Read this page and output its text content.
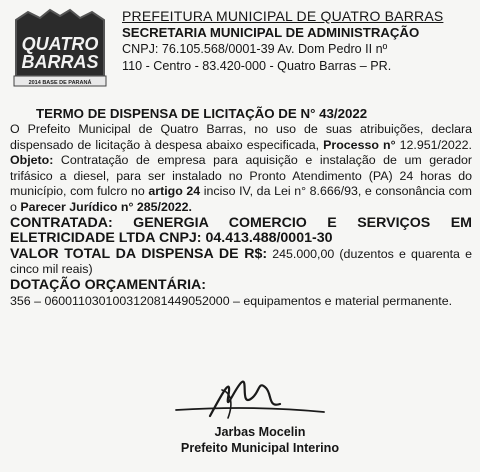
QUATRO
BARRAS
2014 BASE DE PARANÁ
PREFEITURA MUNICIPAL DE QUATRO BARRAS
SECRETARIA MUNICIPAL DE ADMINISTRAÇÃO
CNPJ: 76.105.568/0001-39 Av. Dom Pedro II nº
110 - Centro - 83.420-000 - Quatro Barras – PR.
TERMO DE DISPENSA DE LICITAÇÃO DE N° 43/2022

O Prefeito Municipal de Quatro Barras, no uso de suas atribuições, declara dispensado de licitação à despesa abaixo especificada, Processo n° 12.951/2022. Objeto: Contratação de empresa para aquisição e instalação de um gerador trifásico a diesel, para ser instalado no Pronto Atendimento (PA) 24 horas do município, com fulcro no artigo 24 inciso IV, da Lei n° 8.666/93, e consonância com o Parecer Jurídico n° 285/2022.

CONTRATADA: GENERGIA COMERCIO E SERVIÇOS EM ELETRICIDADE LTDA CNPJ: 04.413.488/0001-30

VALOR TOTAL DA DISPENSA DE R$: 245.000,00 (duzentos e quarenta e cinco mil reais)

DOTAÇÃO ORÇAMENTÁRIA:

356 – 060011030100312081449052000 – equipamentos e material permanente.

Jarbas Mocelin
Prefeito Municipal Interino
